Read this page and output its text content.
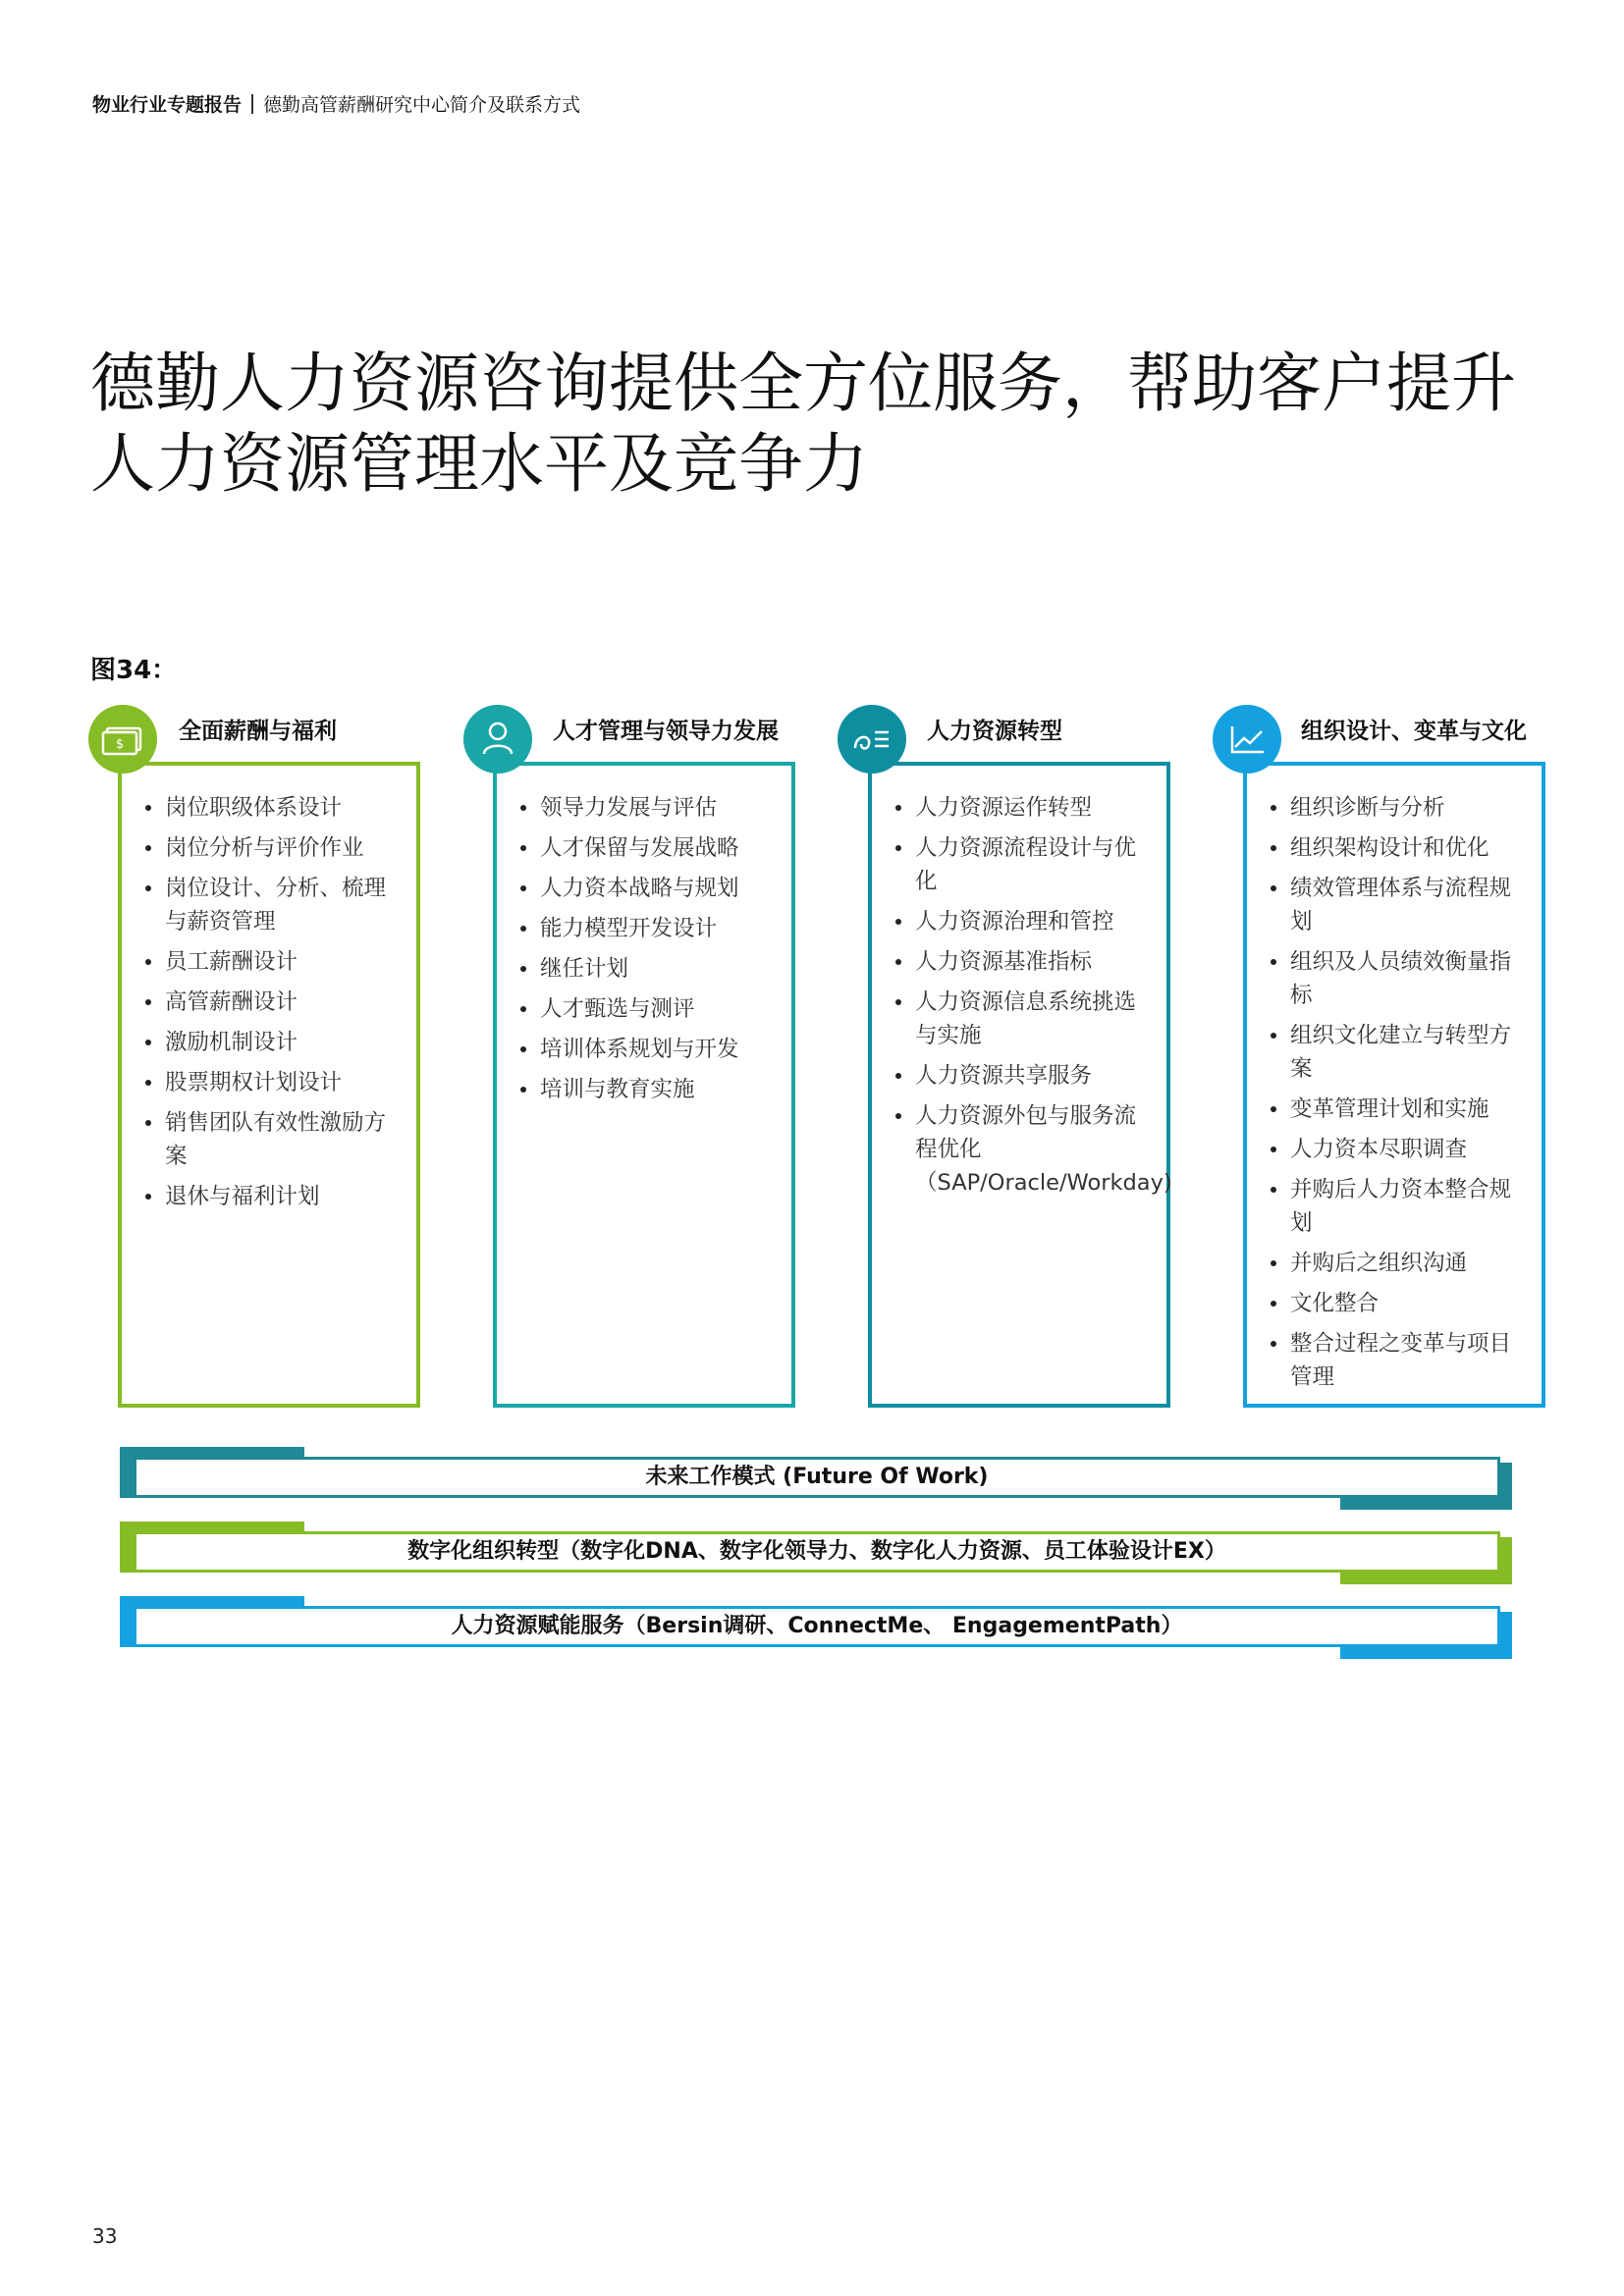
物业行业专题报告 德勤高管薪酬研究中心简介及联系方式
德勤人力资源咨询提供全方位服务，帮助客户提升
人力资源管理水平及竞争力
图34：
$
全面薪酬与福利
岗位职级体系设计
岗位分析与评价作业
岗位设计、分析、梳理与薪资管理
员工薪酬设计
高管薪酬设计
激励机制设计
股票期权计划设计
销售团队有效性激励方案
退休与福利计划
人才管理与领导力发展
领导力发展与评估
人才保留与发展战略
人力资本战略与规划
能力模型开发设计
继任计划
人才甄选与测评
培训体系规划与开发
培训与教育实施
人力资源转型
人力资源运作转型
人力资源流程设计与优化
人力资源治理和管控
人力资源基准指标
人力资源信息系统挑选与实施
人力资源共享服务
人力资源外包与服务流程优化（SAP/Oracle/Workday)
组织设计、变革与文化
组织诊断与分析
组织架构设计和优化
绩效管理体系与流程规划
组织及人员绩效衡量指标
组织文化建立与转型方案
变革管理计划和实施
人力资本尽职调查
并购后人力资本整合规划
并购后之组织沟通
文化整合
整合过程之变革与项目管理
未来工作模式 (Future Of Work)
数字化组织转型（数字化DNA、数字化领导力、数字化人力资源、员工体验设计EX）
人力资源赋能服务（Bersin调研、ConnectMe、 EngagementPath）
33
